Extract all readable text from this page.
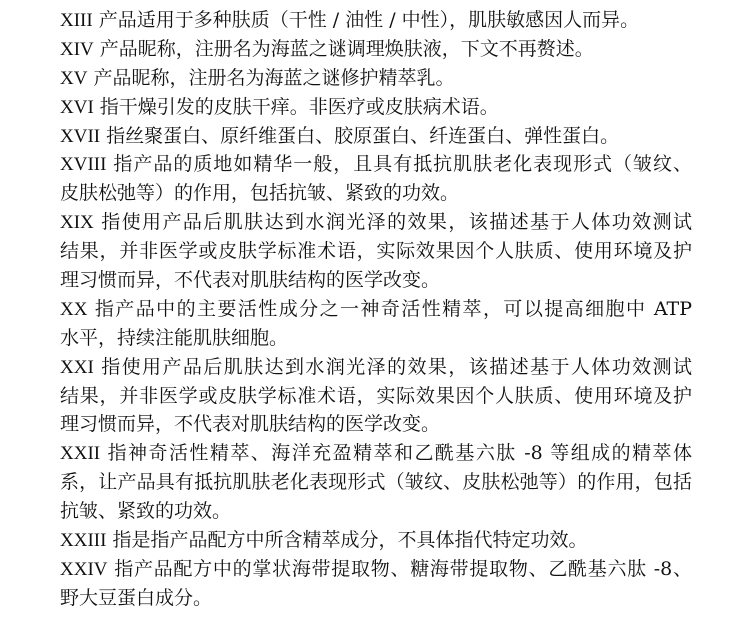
XIII 产品适用于多种肤质（干性 / 油性 / 中性），肌肤敏感因人而异。
XIV 产品昵称，注册名为海蓝之谜调理焕肤液，下文不再赘述。
XV 产品昵称，注册名为海蓝之谜修护精萃乳。
XVI 指干燥引发的皮肤干痒。非医疗或皮肤病术语。
XVII 指丝聚蛋白、原纤维蛋白、胶原蛋白、纤连蛋白、弹性蛋白。
XVIII 指产品的质地如精华一般，且具有抵抗肌肤老化表现形式（皱纹、
皮肤松弛等）的作用，包括抗皱、紧致的功效。
XIX 指使用产品后肌肤达到水润光泽的效果，该描述基于人体功效测试
结果，并非医学或皮肤学标准术语，实际效果因个人肤质、使用环境及护
理习惯而异，不代表对肌肤结构的医学改变。
XX 指产品中的主要活性成分之一神奇活性精萃，可以提高细胞中 ATP
水平，持续注能肌肤细胞。
XXI 指使用产品后肌肤达到水润光泽的效果，该描述基于人体功效测试
结果，并非医学或皮肤学标准术语，实际效果因个人肤质、使用环境及护
理习惯而异，不代表对肌肤结构的医学改变。
XXII 指神奇活性精萃、海洋充盈精萃和乙酰基六肽 -8 等组成的精萃体
系，让产品具有抵抗肌肤老化表现形式（皱纹、皮肤松弛等）的作用，包括
抗皱、紧致的功效。
XXIII 指是指产品配方中所含精萃成分，不具体指代特定功效。
XXIV 指产品配方中的掌状海带提取物、糖海带提取物、乙酰基六肽 -8、
野大豆蛋白成分。
